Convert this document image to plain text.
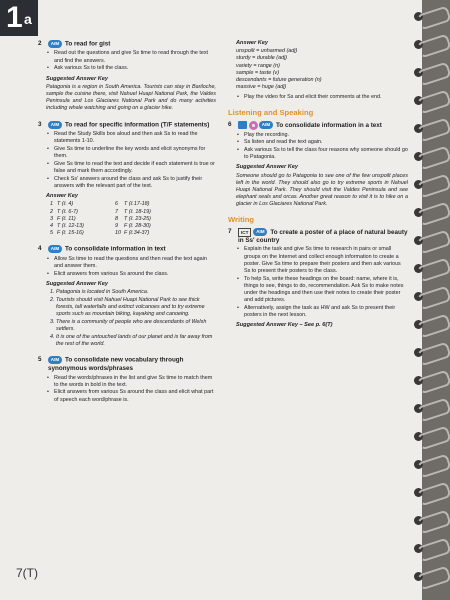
1 a
2	AIM To read for gist
• Read out the questions and give Ss time to read through the text and find the answers.
• Ask various Ss to tell the class.
Suggested Answer Key
Patagonia is a region in South America. Tourists can stay in Bariloche, sample the cuisine there, visit Nahuel Huapi National Park, the Valdes Peninsula and Los Glaciares National Park and do many activities including whale watching and going on a glacier hike.
3	AIM To read for specific information (T/F statements)
• Read the Study Skills box aloud and then ask Ss to read the statements 1-10.
• Give Ss time to underline the key words and elicit synonyms for them.
• Give Ss time to read the text and decide if each statement is true or false and mark them accordingly.
• Check Ss' answers around the class and ask Ss to justify their answers with the relevant part of the text.
Answer Key
1 T (ℓ. 4)	6	T (ℓ.17-18)
2 T (ℓ. 6-7)	7	T (ℓ. 18-19)
3 F (ℓ. 11)	8	T (ℓ. 23-25)
4 T (ℓ. 12-13)	9	F (ℓ. 28-30)
5 F (ℓ. 15-16)	10 F (ℓ.34-37)
4	AIM To consolidate information in text
• Allow Ss time to read the questions and then read the text again and answer them.
• Elicit answers from various Ss around the class.
Suggested Answer Key
1. Patagonia is located in South America.
2. Tourists should visit Nahuel Huapi National Park to see thick forests, tall waterfalls and extinct volcanoes and to try extreme sports such as mountain biking, kayaking and canoeing.
3. There is a community of people who are descendants of Welsh settlers.
4. It is one of the untouched lands of our planet and is far away from the rest of the world.
5	AIM To consolidate new vocabulary through synonymous words/phrases
• Read the words/phrases in the list and give Ss time to match them to the words in bold in the text.
• Elicit answers from various Ss around the class and elicit what part of speech each word/phrase is.
Answer Key
unspoilt = unharmed (adj)
sturdy = durable (adj)
variety = range (n)
sample = taste (v)
descendants = future generation (n)
massive = huge (adj)
• Play the video for Ss and elicit their comments at the end.
Listening and Speaking
6	AIM To consolidate information in a text
• Play the recording.
• Ss listen and read the text again.
• Ask various Ss to tell the class four reasons why someone should go to Patagonia.
Suggested Answer Key
Someone should go to Patagonia to see one of the few unspoilt places left in the world. They should also go to try extreme sports in Nahuel Huapi National Park. They should visit the Valdes Peninsula and see elephant seals and orcas. Another great reason to visit it is to hike on a glacier in Los Glaciares National Park.
Writing
7	ICT AIM To create a poster of a place of natural beauty in Ss' country
• Explain the task and give Ss time to research in pairs or small groups on the Internet and collect enough information to create a poster. Give Ss time to prepare their posters and then ask various Ss to present their posters to the class.
• To help Ss, write these headings on the board: name, where it is, things to see, things to do, recommendation. Ask Ss to make notes under the headings and then use their notes to create their poster and add pictures.
• Alternatively, assign the task as HW and ask Ss to present their posters in the next lesson.
Suggested Answer Key – See p. 6(T)
7(T)
